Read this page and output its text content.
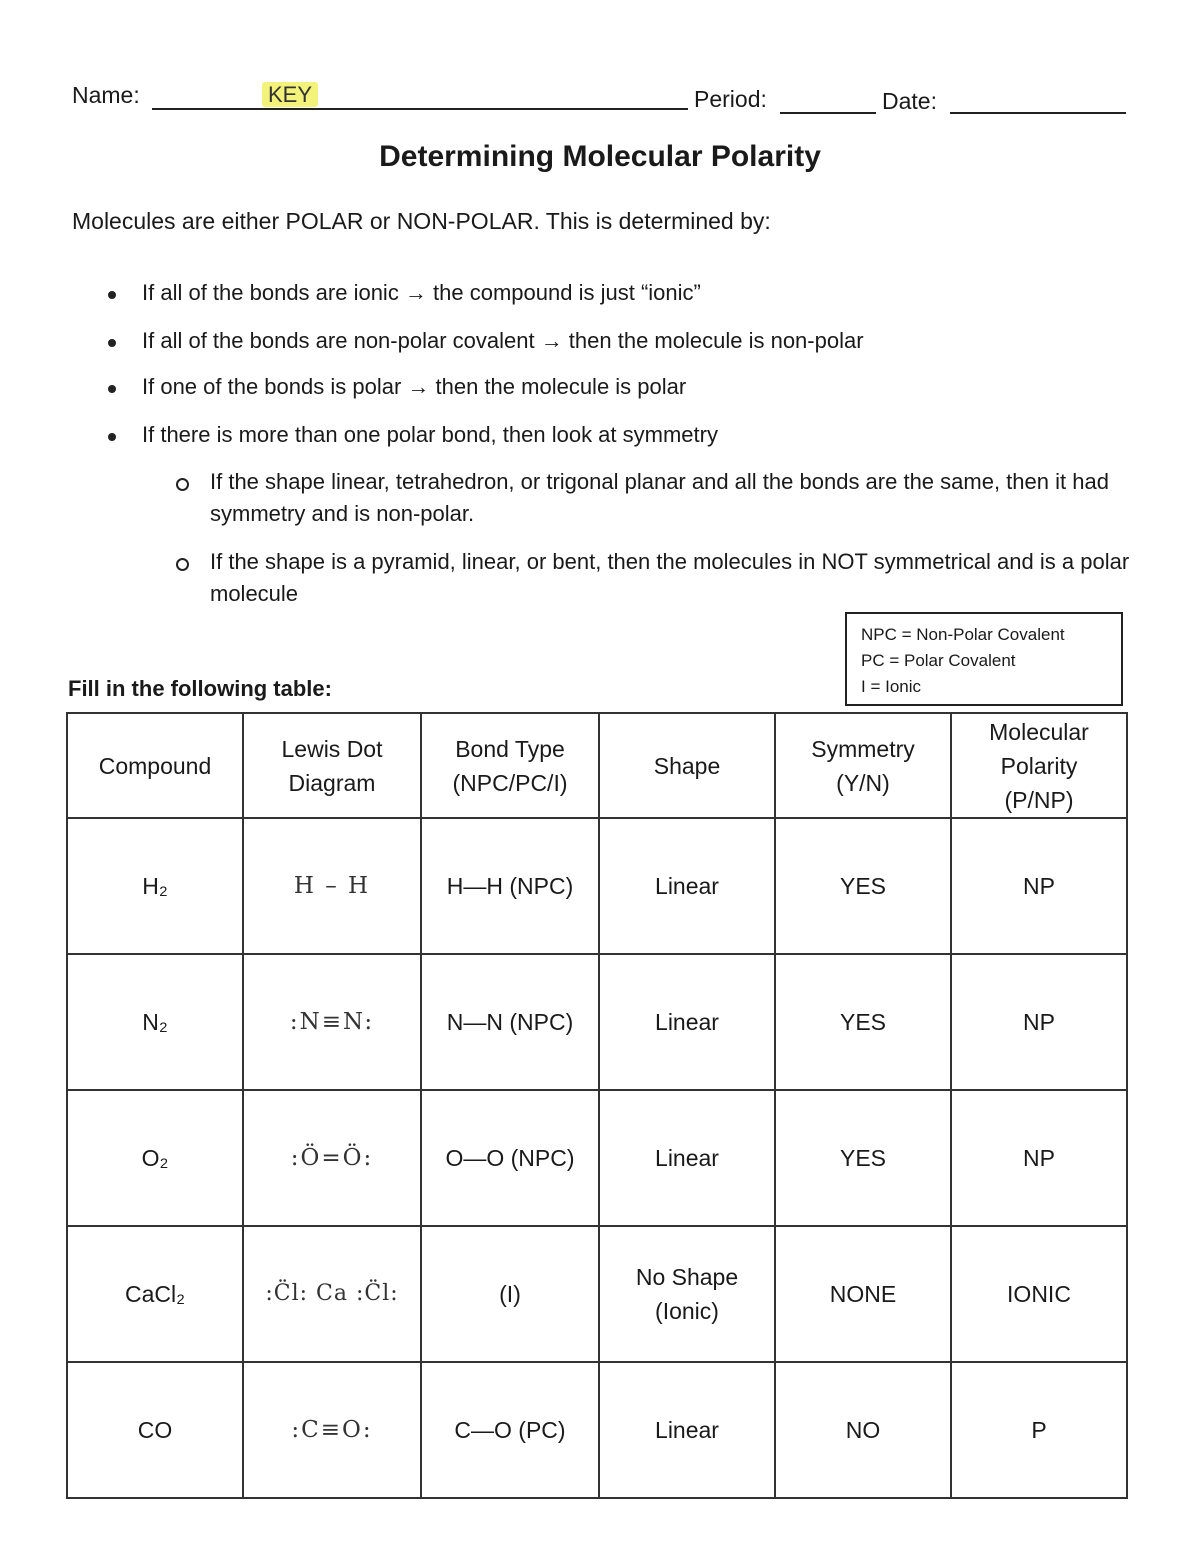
Name:	KEY	Period:	Date:
Determining Molecular Polarity
Molecules are either POLAR or NON-POLAR. This is determined by:
If all of the bonds are ionic → the compound is just “ionic”
If all of the bonds are non-polar covalent → then the molecule is non-polar
If one of the bonds is polar → then the molecule is polar
If there is more than one polar bond, then look at symmetry
If the shape linear, tetrahedron, or trigonal planar and all the bonds are the same, then it had symmetry and is non-polar.
If the shape is a pyramid, linear, or bent, then the molecules in NOT symmetrical and is a polar molecule
NPC = Non-Polar Covalent
PC = Polar Covalent
I = Ionic
Fill in the following table:
Compound	Lewis Dot Diagram	Bond Type (NPC/PC/I)	Shape	Symmetry (Y/N)	Molecular Polarity (P/NP)
H₂	H – H	H—H (NPC)	Linear	YES	NP
N₂	:N≡N:	N—N (NPC)	Linear	YES	NP
O₂	:Ö=Ö:	O—O (NPC)	Linear	YES	NP
CaCl₂	:C̈l: Ca :C̈l:	(I)	No Shape (Ionic)	NONE	IONIC
CO	:C≡O:	C—O (PC)	Linear	NO	P
